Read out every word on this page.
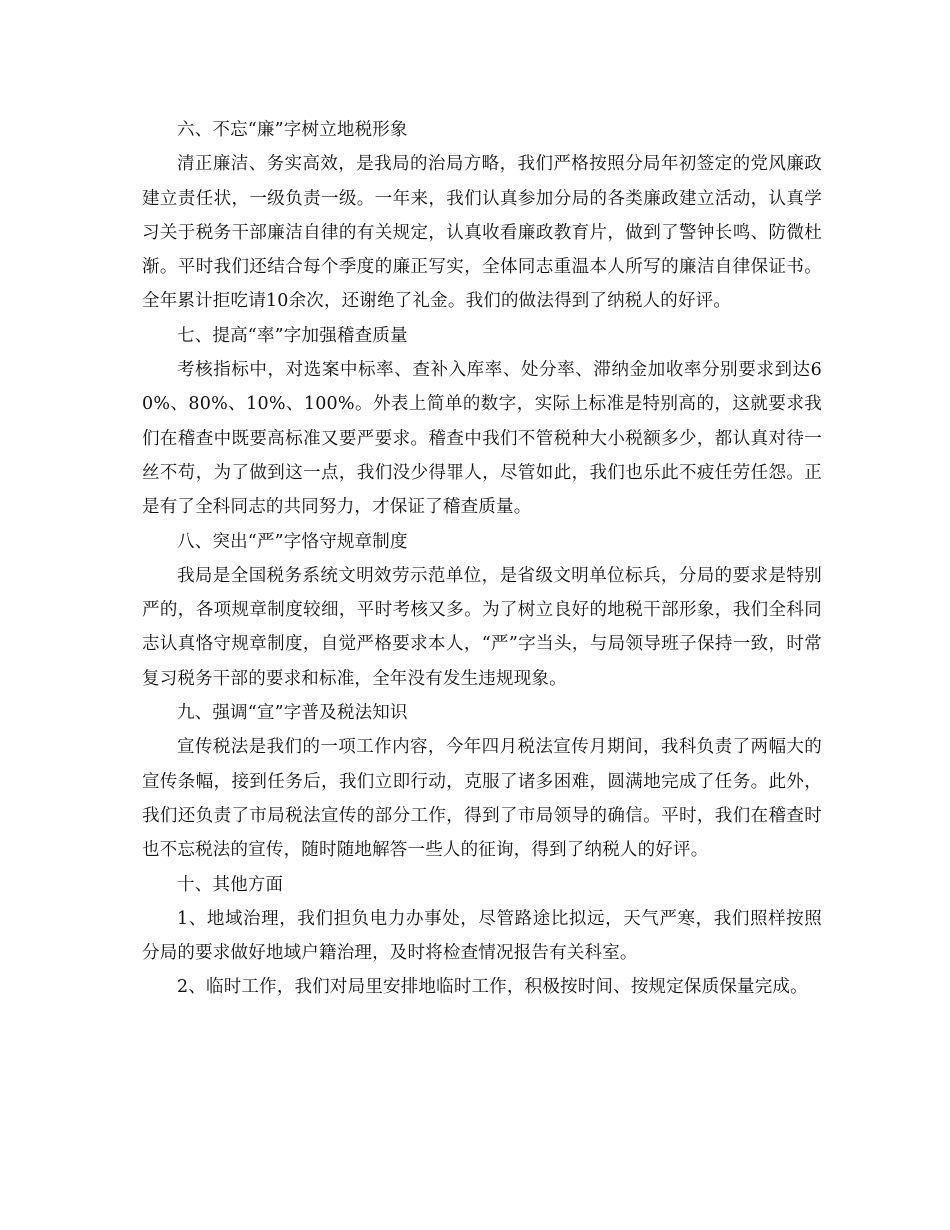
六、不忘“廉”字树立地税形象

清正廉洁、务实高效，是我局的治局方略，我们严格按照分局年初签定的党风廉政建立责任状，一级负责一级。一年来，我们认真参加分局的各类廉政建立活动，认真学习关于税务干部廉洁自律的有关规定，认真收看廉政教育片，做到了警钟长鸣、防微杜渐。平时我们还结合每个季度的廉正写实，全体同志重温本人所写的廉洁自律保证书。全年累计拒吃请10余次，还谢绝了礼金。我们的做法得到了纳税人的好评。

七、提高“率”字加强稽查质量

考核指标中，对选案中标率、查补入库率、处分率、滞纳金加收率分别要求到达60%、80%、10%、100%。外表上简单的数字，实际上标准是特别高的，这就要求我们在稽查中既要高标准又要严要求。稽查中我们不管税种大小税额多少，都认真对待一丝不苟，为了做到这一点，我们没少得罪人，尽管如此，我们也乐此不疲任劳任怨。正是有了全科同志的共同努力，才保证了稽查质量。

八、突出“严”字恪守规章制度

我局是全国税务系统文明效劳示范单位，是省级文明单位标兵，分局的要求是特别严的，各项规章制度较细，平时考核又多。为了树立良好的地税干部形象，我们全科同志认真恪守规章制度，自觉严格要求本人，“严”字当头，与局领导班子保持一致，时常复习税务干部的要求和标准，全年没有发生违规现象。

九、强调“宣”字普及税法知识

宣传税法是我们的一项工作内容，今年四月税法宣传月期间，我科负责了两幅大的宣传条幅，接到任务后，我们立即行动，克服了诸多困难，圆满地完成了任务。此外，我们还负责了市局税法宣传的部分工作，得到了市局领导的确信。平时，我们在稽查时也不忘税法的宣传，随时随地解答一些人的征询，得到了纳税人的好评。

十、其他方面

1、地域治理，我们担负电力办事处，尽管路途比拟远，天气严寒，我们照样按照分局的要求做好地域户籍治理，及时将检查情况报告有关科室。

2、临时工作，我们对局里安排地临时工作，积极按时间、按规定保质保量完成。
